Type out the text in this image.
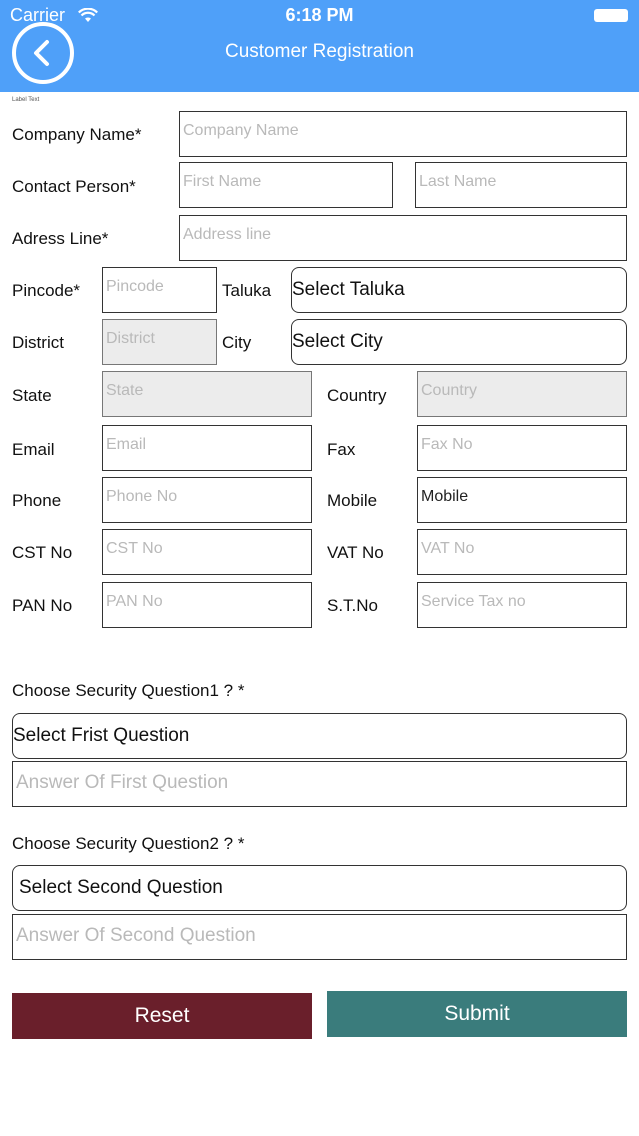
Carrier	6:18 PM
Customer Registration
Label Text
Company Name*	Company Name
Contact Person*	First Name	Last Name
Adress Line*	Address line
Pincode* Pincode	Taluka Select Taluka
District	District	City Select City
State	State	Country Country
Email	Email	Fax	Fax No
Phone	Phone No	Mobile	Mobile
CST No CST No	VAT No VAT No
PAN No PAN No	S.T.No	Service Tax no
Choose Security Question1 ? *
Select Frist Question
Answer Of First Question
Choose Security Question2 ? *
Select Second Question
Answer Of Second Question
Reset	Submit
